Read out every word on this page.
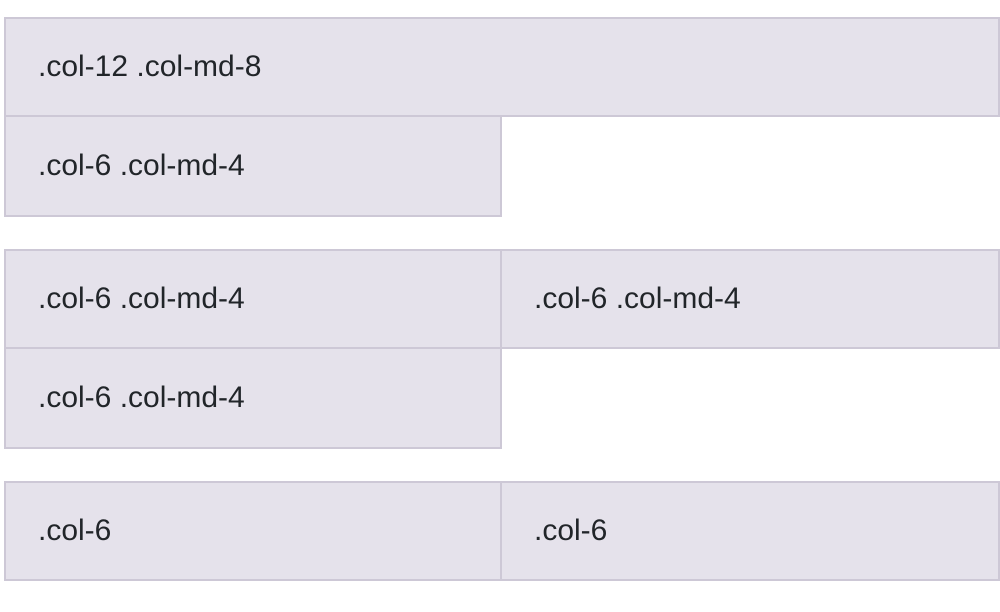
.col-12 .col-md-8
.col-6 .col-md-4
.col-6 .col-md-4	.col-6 .col-md-4
.col-6 .col-md-4
.col-6	.col-6
